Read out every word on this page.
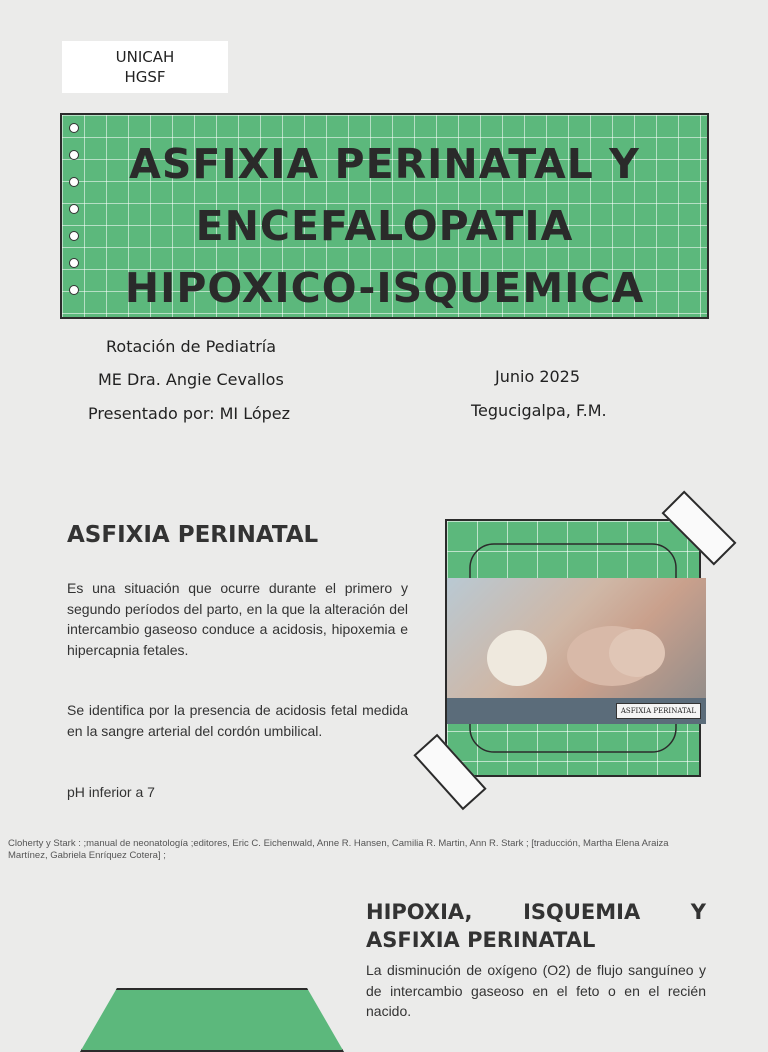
UNICAH
HGSF
ASFIXIA PERINATAL Y
ENCEFALOPATIA
HIPOXICO-ISQUEMICA
Rotación de Pediatría
ME Dra. Angie Cevallos
Presentado por: MI López
Junio 2025
Tegucigalpa, F.M.
ASFIXIA PERINATAL
Es una situación que ocurre durante el primero y segundo períodos del parto, en la que la alteración del intercambio gaseoso conduce a acidosis, hipoxemia e hipercapnia fetales.
Se identifica por la presencia de acidosis fetal medida en la sangre arterial del cordón umbilical.
pH inferior a 7
ASFIXIA PERINATAL
Cloherty y Stark : ;manual de neonatología ;editores, Eric C. Eichenwald, Anne R. Hansen, Camilia R. Martin, Ann R. Stark ; [traducción, Martha Elena Araiza Martínez, Gabriela Enríquez Cotera] ;
HIPOXIA, ISQUEMIA Y ASFIXIA PERINATAL
La disminución de oxígeno (O2) de flujo sanguíneo y de intercambio gaseoso en el feto o en el recién nacido.
